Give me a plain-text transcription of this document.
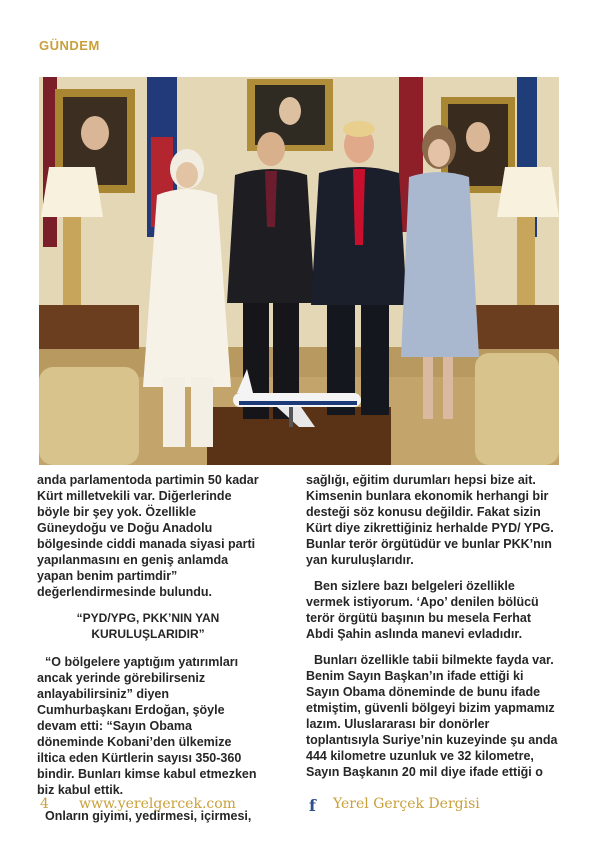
GÜNDEM

anda parlamentoda partimin 50 kadar Kürt milletvekili var. Diğerlerinde böyle bir şey yok. Özellikle Güneydoğu ve Doğu Anadolu bölgesinde ciddi manada siyasi parti yapılanmasını en geniş anlamda yapan benim partimdir” değerlendirmesinde bulundu.

“PYD/YPG, PKK’NIN YAN KURULUŞLARIDIR”

“O bölgelere yaptığım yatırımları ancak yerinde görebilirseniz anlayabilirsiniz” diyen Cumhurbaşkanı Erdoğan, şöyle devam etti: “Sayın Obama döneminde Kobani’den ülkemize iltica eden Kürtlerin sayısı 350-360 bindir. Bunları kimse kabul etmezken biz kabul ettik.

Onların giyimi, yedirmesi, içirmesi,

sağlığı, eğitim durumları hepsi bize ait. Kimsenin bunlara ekonomik herhangi bir desteği söz konusu değildir. Fakat sizin Kürt diye zikrettiğiniz herhalde PYD/ YPG. Bunlar terör örgütüdür ve bunlar PKK’nın yan kuruluşlarıdır.

Ben sizlere bazı belgeleri özellikle vermek istiyorum. ‘Apo’ denilen bölücü terör örgütü başının bu mesela Ferhat Abdi Şahin aslında manevi evladıdır.

Bunları özellikle tabii bilmekte fayda var. Benim Sayın Başkan’ın ifade ettiği ki Sayın Obama döneminde de bunu ifade etmiştim, güvenli bölgeyi bizim yapmamız lazım. Uluslararası bir donörler toplantısıyla Suriye’nin kuzeyinde şu anda 444 kilometre uzunluk ve 32 kilometre, Sayın Başkanın 20 mil diye ifade ettiği o

4 www.yerelgercek.com	f Yerel Gerçek Dergisi
